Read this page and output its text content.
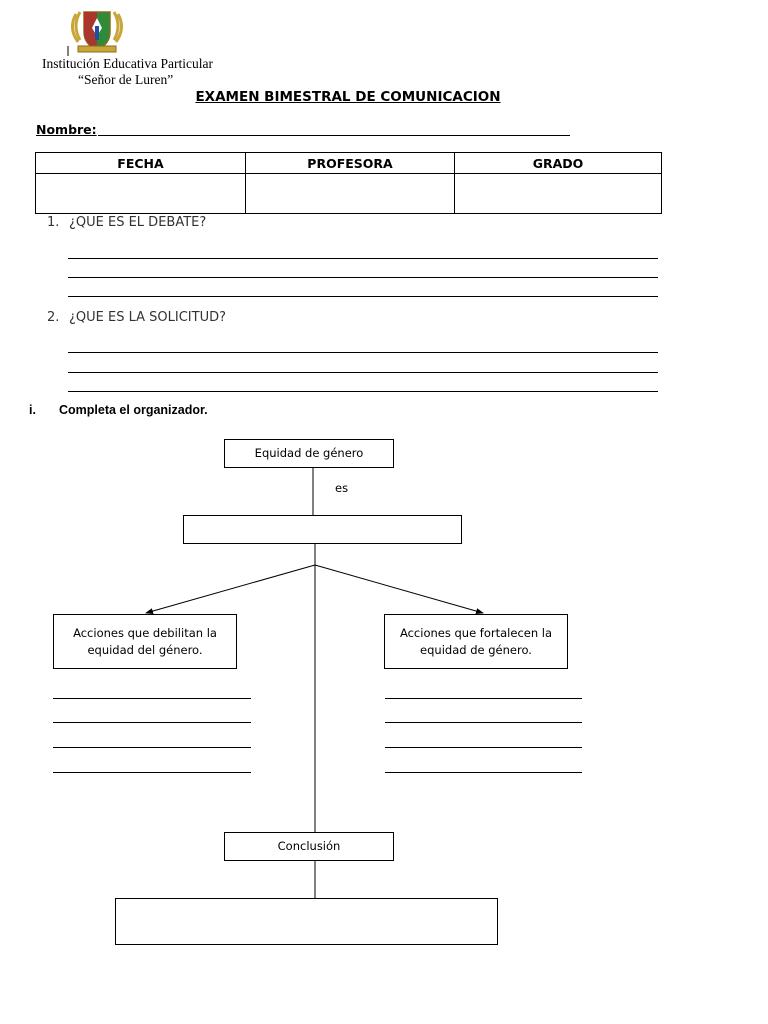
Institución Educativa Particular
“Señor de Luren”
EXAMEN BIMESTRAL DE COMUNICACION
Nombre:
FECHA	PROFESORA	GRADO

1. ¿QUE ES EL DEBATE?
2. ¿QUE ES LA SOLICITUD?
i. Completa el organizador.
Equidad de género
es
Acciones que debilitan la equidad del género.
Acciones que fortalecen la equidad de género.
Conclusión
